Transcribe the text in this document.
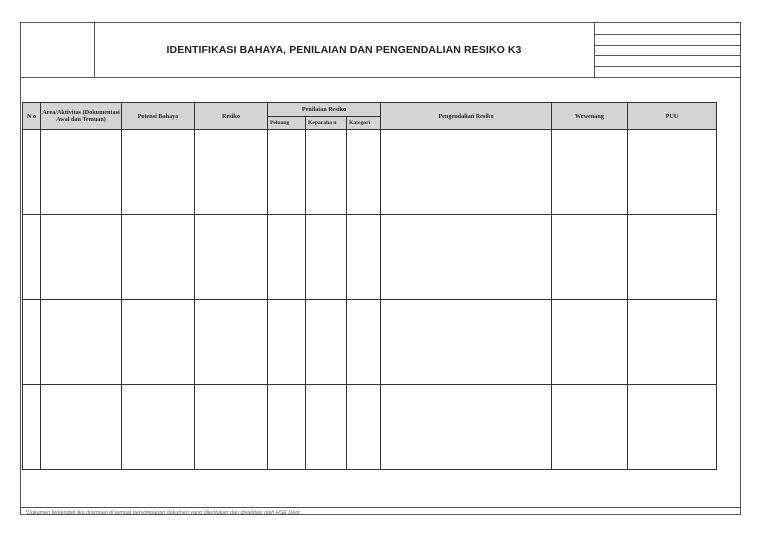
IDENTIFIKASI BAHAYA, PENILAIAN DAN PENGENDALIAN RESIKO K3
N o	Area/Aktivitas (Dokumentasi Awal dan Temuan)	Potensi Bahaya	Resiko	Penilaian Resiko			Pengendalian Resiko	Wewenang	PUU
				Peluang	Keparaha n	Kategori			

*Dokumen terkendali jika disimpan di tempat penyimpanan dokumen yang ditentukan dan divalidasi oleh HSE Dept
